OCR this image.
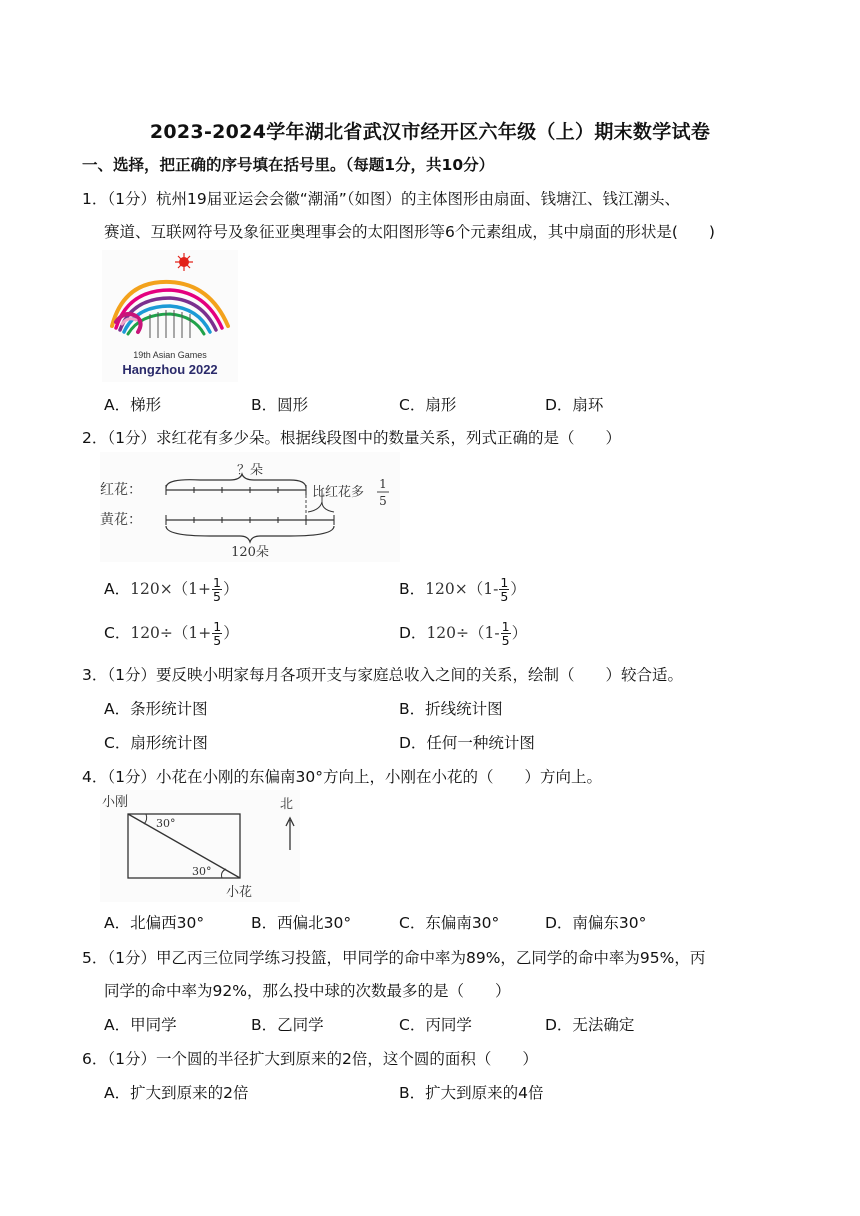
2023-2024学年湖北省武汉市经开区六年级（上）期末数学试卷
一、选择，把正确的序号填在括号里。（每题1分，共10分）
1．（1分）杭州19届亚运会会徽“潮涌”（如图）的主体图形由扇面、钱塘江、钱江潮头、
赛道、互联网符号及象征亚奥理事会的太阳图形等6个元素组成，其中扇面的形状是(　　)
19th Asian Games
Hangzhou 2022
A．梯形	B．圆形	C．扇形	D．扇环
2．（1分）求红花有多少朵。根据线段图中的数量关系，列式正确的是（　　）
？朵
红花：
黄花：
比红花多
1
5
120朵
A．$120\times(1+ \frac{1}{5}$ ）	B．$120\times(1- \frac{1}{5}$ ）
C．$120\div(1+ \frac{1}{5}$ ）	D．$120\div(1- \frac{1}{5}$ ）
3．（1分）要反映小明家每月各项开支与家庭总收入之间的关系，绘制（　　）较合适。
A．条形统计图	B．折线统计图
C．扇形统计图	D．任何一种统计图
4．（1分）小花在小刚的东偏南30°方向上，小刚在小花的（　　）方向上。
小刚
30°
30°
小花
北
A．北偏西30°	B．西偏北30°	C．东偏南30°	D．南偏东30°
5．（1分）甲乙丙三位同学练习投篮，甲同学的命中率为89%，乙同学的命中率为95%，丙
同学的命中率为92%，那么投中球的次数最多的是（　　）
A．甲同学	B．乙同学	C．丙同学	D．无法确定
6．（1分）一个圆的半径扩大到原来的2倍，这个圆的面积（　　）
A．扩大到原来的2倍	B．扩大到原来的4倍
